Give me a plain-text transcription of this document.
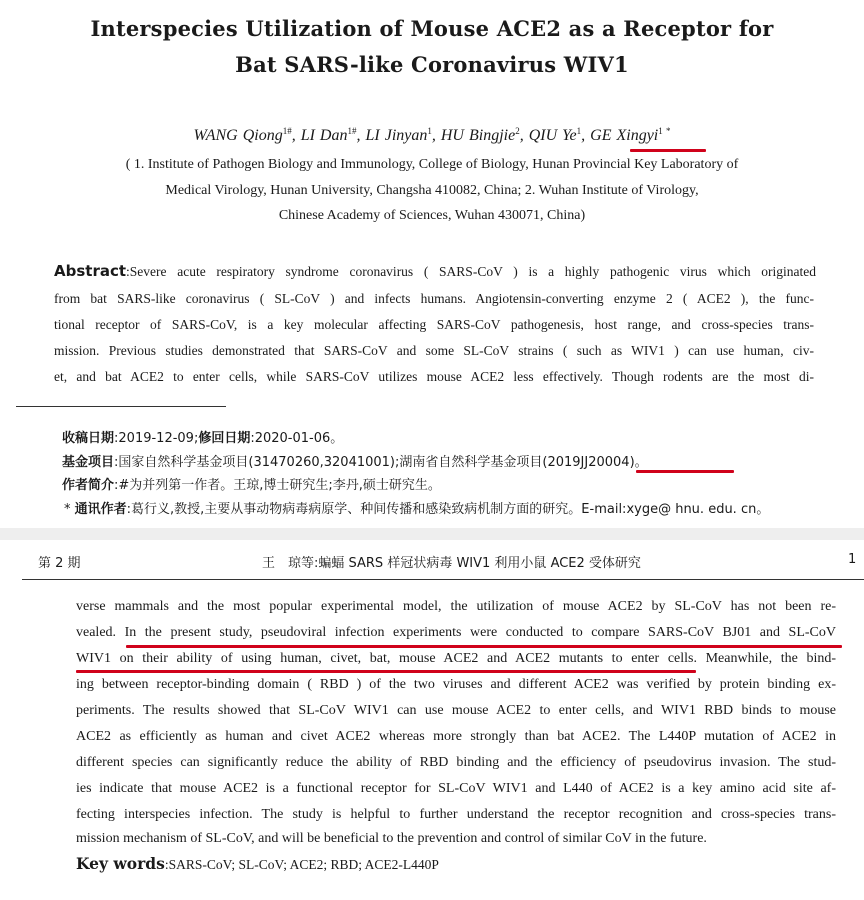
Interspecies Utilization of Mouse ACE2 as a Receptor for
Bat SARS-like Coronavirus WIV1
WANG Qiong$^{1\#}$, LI Dan$^{1\#}$, LI Jinyan$^1$, HU Bingjie$^2$, QIU Ye$^1$, GE Xingyi$^{1 *}$
( 1. Institute of Pathogen Biology and Immunology, College of Biology, Hunan Provincial Key Laboratory of
Medical Virology, Hunan University, Changsha 410082, China; 2. Wuhan Institute of Virology,
Chinese Academy of Sciences, Wuhan 430071, China)
Abstract:Severe acute respiratory syndrome coronavirus ( SARS-CoV ) is a highly pathogenic virus which originated
from bat SARS-like coronavirus ( SL-CoV ) and infects humans. Angiotensin-converting enzyme 2 ( ACE2 ), the func-
tional receptor of SARS-CoV, is a key molecular affecting SARS-CoV pathogenesis, host range, and cross-species trans-
mission. Previous studies demonstrated that SARS-CoV and some SL-CoV strains ( such as WIV1 ) can use human, civ-
et, and bat ACE2 to enter cells, while SARS-CoV utilizes mouse ACE2 less effectively. Though rodents are the most di-
收稿日期:2019-12-09;修回日期:2020-01-06。
基金项目:国家自然科学基金项目(31470260,32041001);湖南省自然科学基金项目(2019JJ20004)。
作者简介:#为并列第一作者。王琼,博士研究生;李丹,硕士研究生。
* 通讯作者:葛行义,教授,主要从事动物病毒病原学、种间传播和感染致病机制方面的研究。E-mail:xyge@ hnu. edu. cn。
第 2 期	王　琼等:蝙蝠 SARS 样冠状病毒 WIV1 利用小鼠 ACE2 受体研究	1
verse mammals and the most popular experimental model, the utilization of mouse ACE2 by SL-CoV has not been re-
vealed. In the present study, pseudoviral infection experiments were conducted to compare SARS-CoV BJ01 and SL-CoV
WIV1 on their ability of using human, civet, bat, mouse ACE2 and ACE2 mutants to enter cells. Meanwhile, the bind-
ing between receptor-binding domain ( RBD ) of the two viruses and different ACE2 was verified by protein binding ex-
periments. The results showed that SL-CoV WIV1 can use mouse ACE2 to enter cells, and WIV1 RBD binds to mouse
ACE2 as efficiently as human and civet ACE2 whereas more strongly than bat ACE2. The L440P mutation of ACE2 in
different species can significantly reduce the ability of RBD binding and the efficiency of pseudovirus invasion. The stud-
ies indicate that mouse ACE2 is a functional receptor for SL-CoV WIV1 and L440 of ACE2 is a key amino acid site af-
fecting interspecies infection. The study is helpful to further understand the receptor recognition and cross-species trans-
mission mechanism of SL-CoV, and will be beneficial to the prevention and control of similar CoV in the future.
Key words:SARS-CoV; SL-CoV; ACE2; RBD; ACE2-L440P
